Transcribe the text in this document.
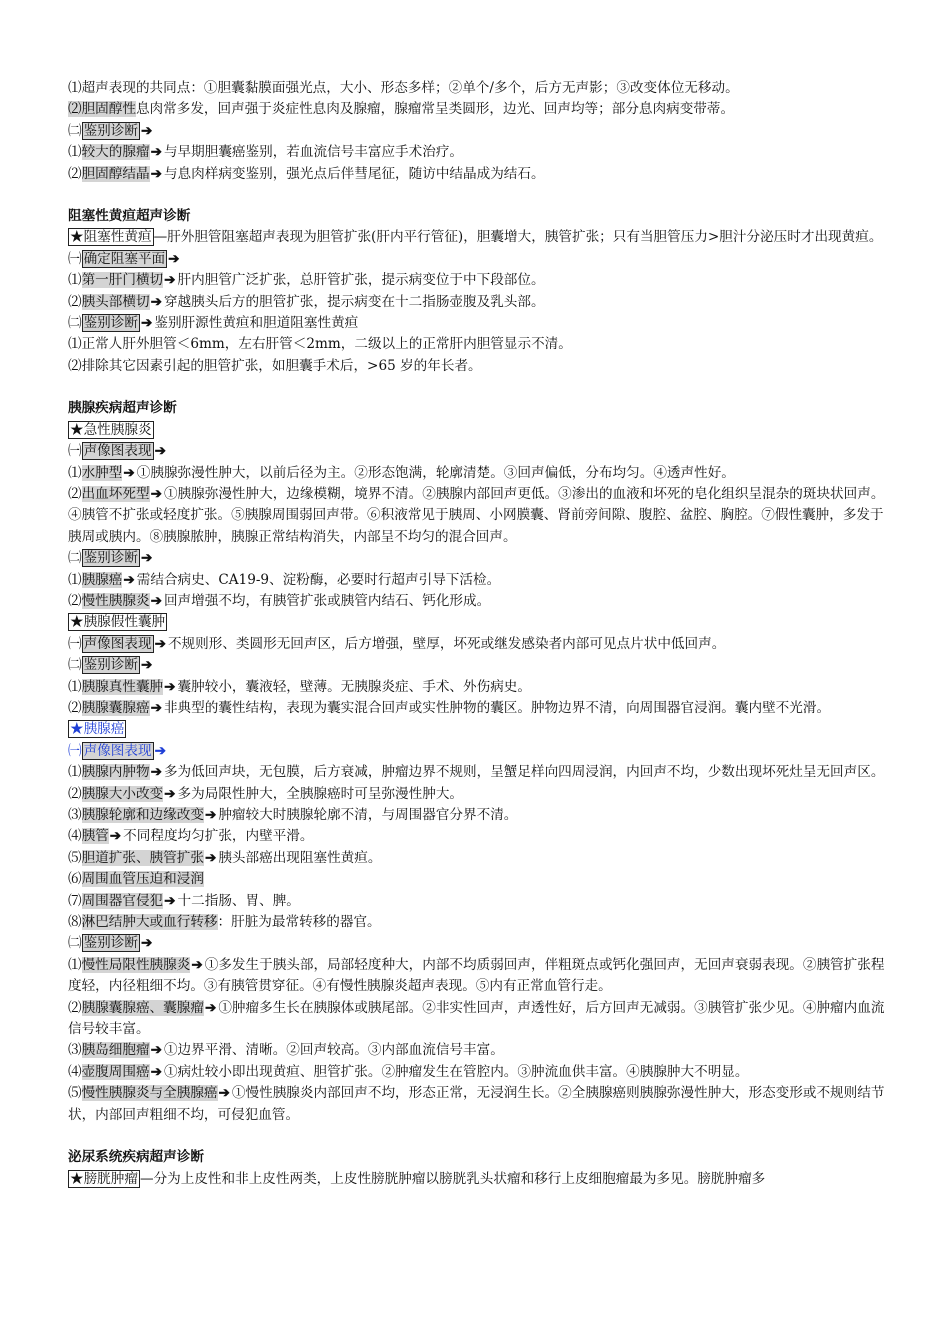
⑴超声表现的共同点：①胆囊黏膜面强光点，大小、形态多样；②单个/多个，后方无声影；③改变体位无移动。
⑵胆固醇性息肉常多发，回声强于炎症性息肉及腺瘤，腺瘤常呈类圆形，边光、回声均等；部分息肉病变带蒂。
㈡ 鉴别诊断 ➔
⑴较大的腺瘤➔ 与早期胆囊癌鉴别，若血流信号丰富应手术治疗。
⑵胆固醇结晶➔ 与息肉样病变鉴别，强光点后伴彗尾征，随访中结晶成为结石。
阻塞性黄疸超声诊断
★阻塞性黄疸 —肝外胆管阻塞超声表现为胆管扩张(肝内平行管征)，胆囊增大，胰管扩张；只有当胆管压力>胆汁分泌压时才出现黄疸。
㈠ 确定阻塞平面 ➔
⑴第一肝门横切➔ 肝内胆管广泛扩张，总肝管扩张，提示病变位于中下段部位。
⑵胰头部横切➔ 穿越胰头后方的胆管扩张，提示病变在十二指肠壶腹及乳头部。
㈡ 鉴别诊断 ➔ 鉴别肝源性黄疸和胆道阻塞性黄疸
⑴正常人肝外胆管＜6mm，左右肝管＜2mm，二级以上的正常肝内胆管显示不清。
⑵排除其它因素引起的胆管扩张，如胆囊手术后，>65 岁的年长者。
胰腺疾病超声诊断
★急性胰腺炎
㈠ 声像图表现 ➔
⑴水肿型➔ ①胰腺弥漫性肿大，以前后径为主。②形态饱满，轮廓清楚。③回声偏低，分布均匀。④透声性好。
⑵出血坏死型➔ ①胰腺弥漫性肿大，边缘模糊，境界不清。②胰腺内部回声更低。③渗出的血液和坏死的皂化组织呈混杂的斑块状回声。④胰管不扩张或轻度扩张。⑤胰腺周围弱回声带。⑥积液常见于胰周、小网膜囊、肾前旁间隙、腹腔、盆腔、胸腔。⑦假性囊肿，多发于胰周或胰内。⑧胰腺脓肿，胰腺正常结构消失，内部呈不均匀的混合回声。
㈡ 鉴别诊断 ➔
⑴胰腺癌➔ 需结合病史、CA19-9、淀粉酶，必要时行超声引导下活检。
⑵慢性胰腺炎➔ 回声增强不均，有胰管扩张或胰管内结石、钙化形成。
★胰腺假性囊肿
㈠ 声像图表现 ➔ 不规则形、类圆形无回声区，后方增强，壁厚，坏死或继发感染者内部可见点片状中低回声。
㈡ 鉴别诊断 ➔
⑴胰腺真性囊肿➔ 囊肿较小，囊液轻，壁薄。无胰腺炎症、手术、外伤病史。
⑵胰腺囊腺癌➔ 非典型的囊性结构，表现为囊实混合回声或实性肿物的囊区。肿物边界不清，向周围器官浸润。囊内壁不光滑。
★胰腺癌
㈠ 声像图表现 ➔
⑴胰腺内肿物➔ 多为低回声块，无包膜，后方衰减，肿瘤边界不规则，呈蟹足样向四周浸润，内回声不均，少数出现坏死灶呈无回声区。
⑵胰腺大小改变➔ 多为局限性肿大，全胰腺癌时可呈弥漫性肿大。
⑶胰腺轮廓和边缘改变➔ 肿瘤较大时胰腺轮廓不清，与周围器官分界不清。
⑷胰管➔ 不同程度均匀扩张，内壁平滑。
⑸胆道扩张、胰管扩张➔ 胰头部癌出现阻塞性黄疸。
⑹周围血管压迫和浸润
⑺周围器官侵犯➔ 十二指肠、胃、脾。
⑻淋巴结肿大或血行转移：肝脏为最常转移的器官。
㈡ 鉴别诊断 ➔
⑴慢性局限性胰腺炎➔ ①多发生于胰头部，局部轻度种大，内部不均质弱回声，伴粗斑点或钙化强回声，无回声衰弱表现。②胰管扩张程度轻，内径粗细不均。③有胰管贯穿征。④有慢性胰腺炎超声表现。⑤内有正常血管行走。
⑵胰腺囊腺癌、囊腺瘤➔ ①肿瘤多生长在胰腺体或胰尾部。②非实性回声，声透性好，后方回声无减弱。③胰管扩张少见。④肿瘤内血流信号较丰富。
⑶胰岛细胞瘤➔ ①边界平滑、清晰。②回声较高。③内部血流信号丰富。
⑷壶腹周围癌➔ ①病灶较小即出现黄疸、胆管扩张。②肿瘤发生在管腔内。③肿流血供丰富。④胰腺肿大不明显。
⑸慢性胰腺炎与全胰腺癌➔ ①慢性胰腺炎内部回声不均，形态正常，无浸润生长。②全胰腺癌则胰腺弥漫性肿大，形态变形或不规则结节状，内部回声粗细不均，可侵犯血管。
泌尿系统疾病超声诊断
★膀胱肿瘤 —分为上皮性和非上皮性两类，上皮性膀胱肿瘤以膀胱乳头状瘤和移行上皮细胞瘤最为多见。膀胱肿瘤多
